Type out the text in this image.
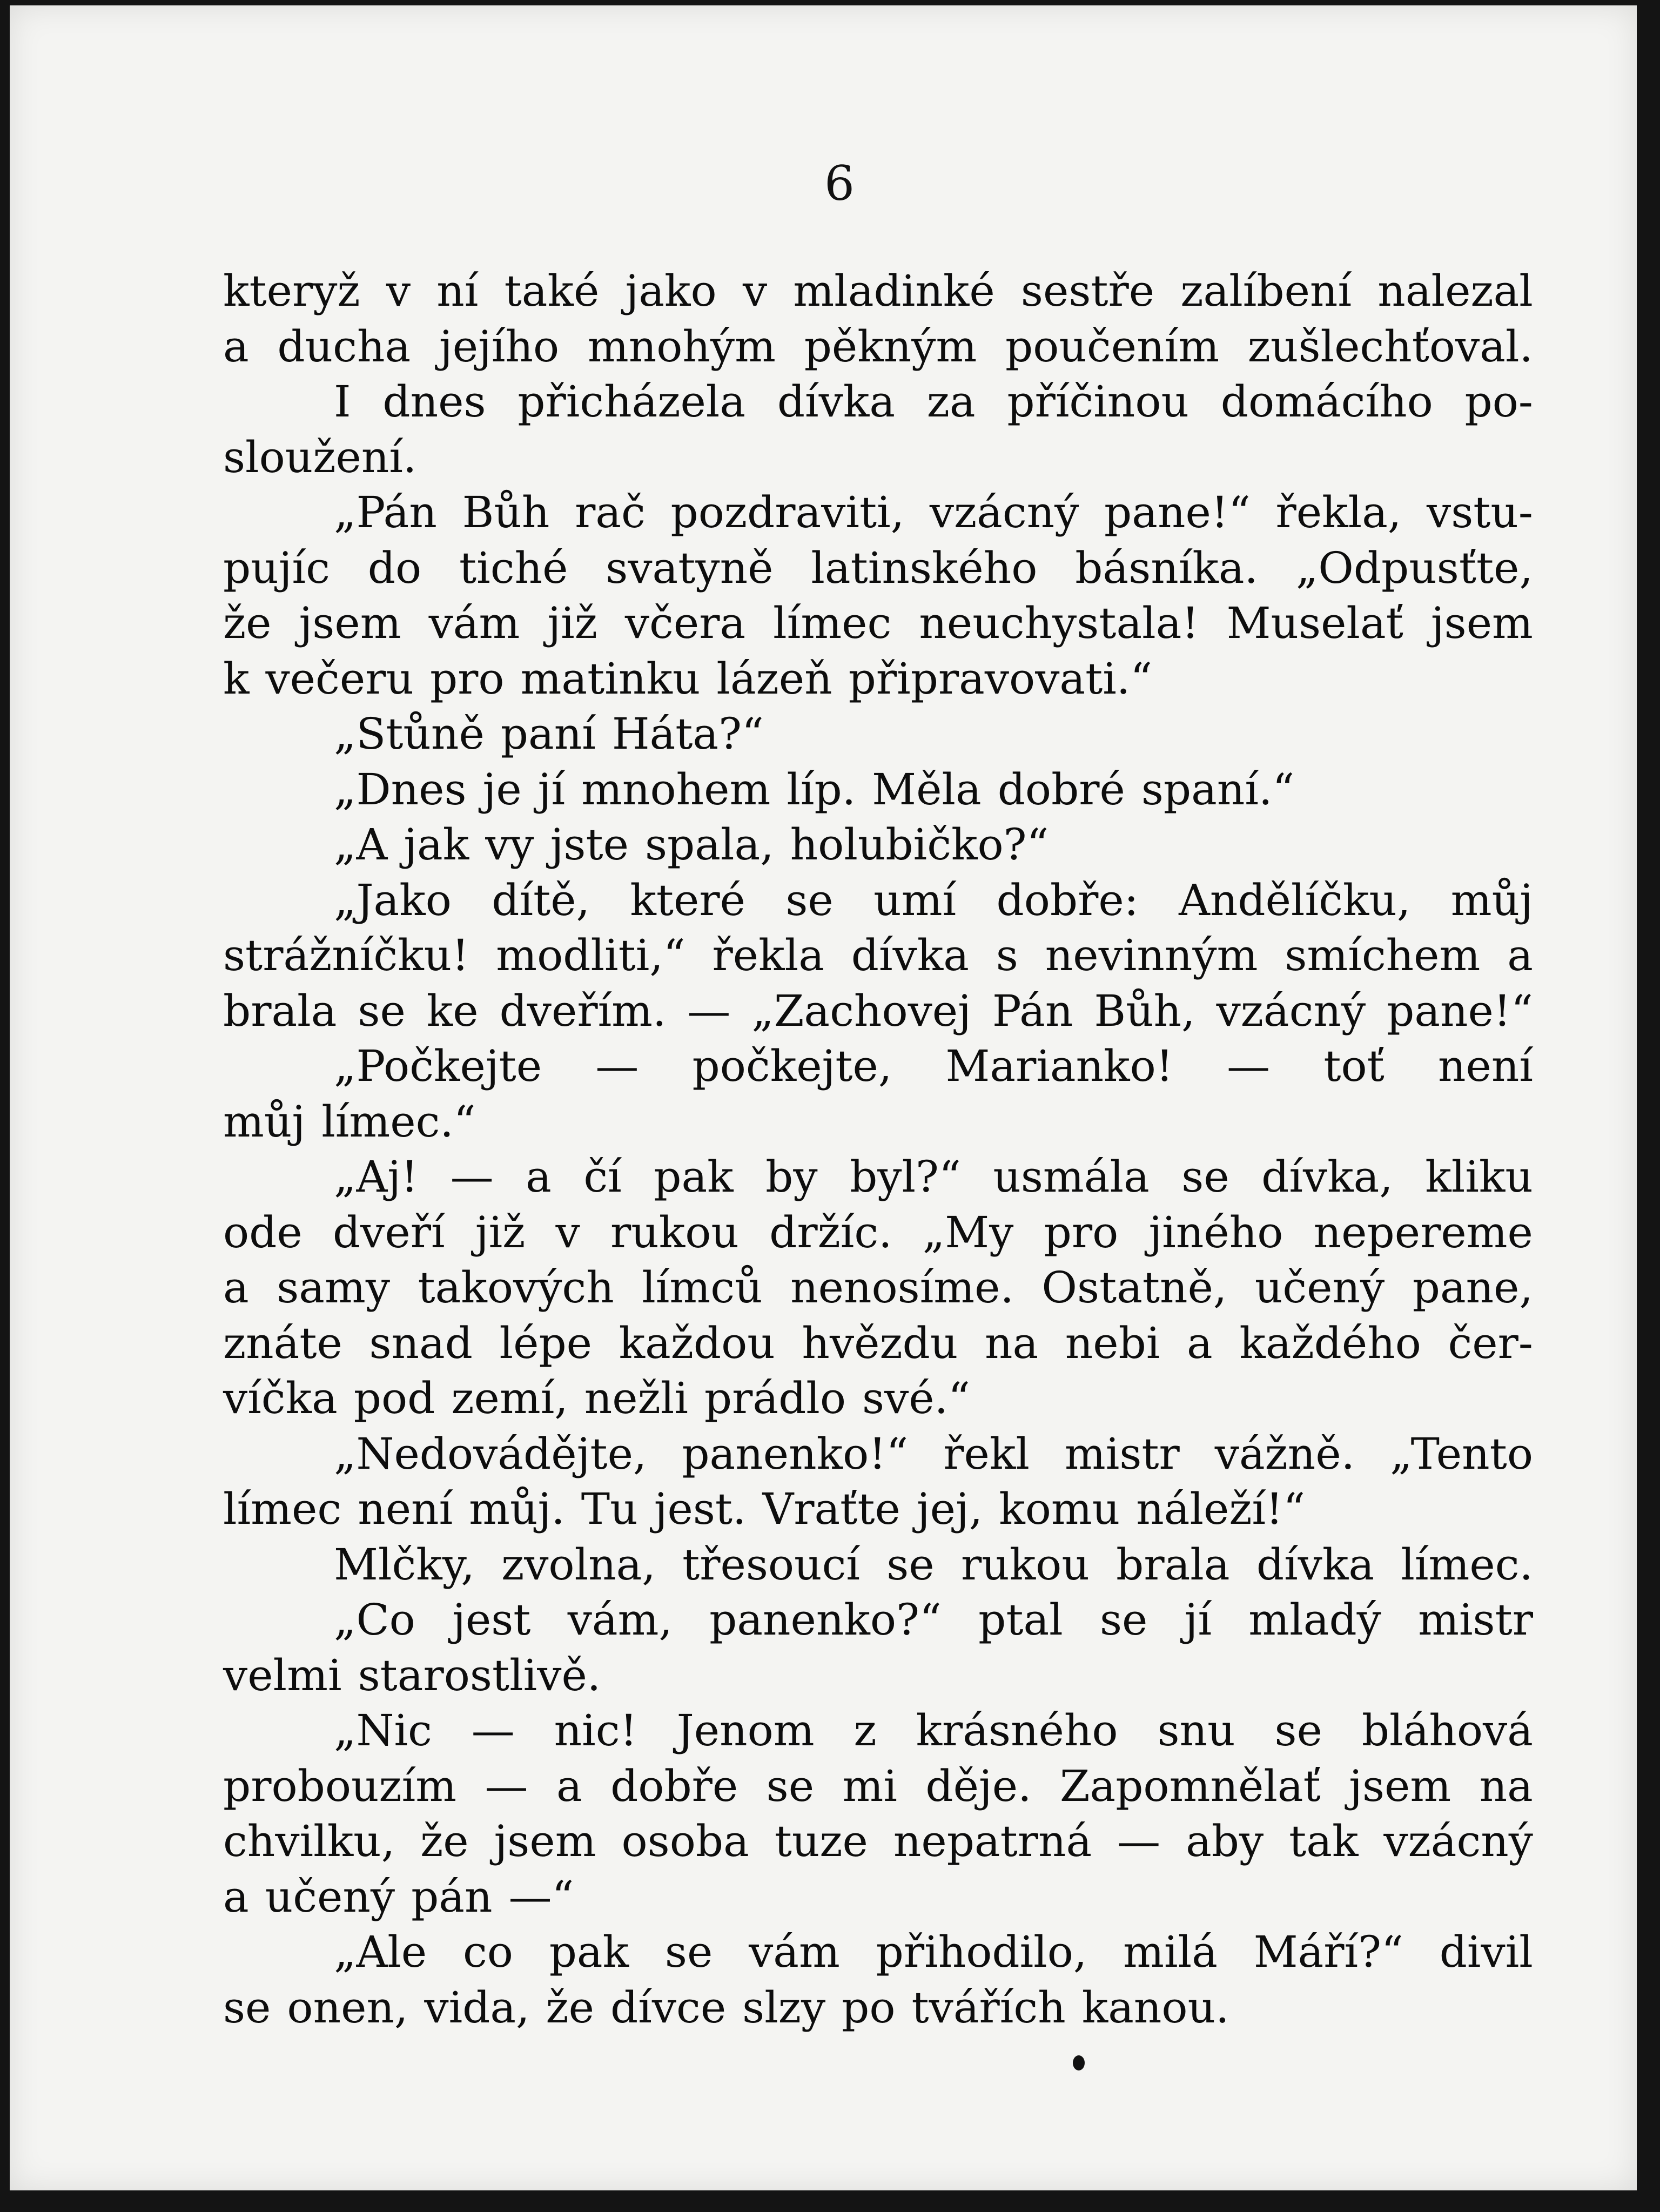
6
kteryž v ní také jako v mladinké sestře zalíbení nalezal
a ducha jejího mnohým pěkným poučením zušlechťoval.
I dnes přicházela dívka za příčinou domácího po-
sloužení.
„Pán Bůh rač pozdraviti, vzácný pane!“ řekla, vstu-
pujíc do tiché svatyně latinského básníka. „Odpusťte,
že jsem vám již včera límec neuchystala! Muselať jsem
k večeru pro matinku lázeň připravovati.“
„Stůně paní Háta?“
„Dnes je jí mnohem líp. Měla dobré spaní.“
„A jak vy jste spala, holubičko?“
„Jako dítě, které se umí dobře: Andělíčku, můj
strážníčku! modliti,“ řekla dívka s nevinným smíchem a
brala se ke dveřím. — „Zachovej Pán Bůh, vzácný pane!“
„Počkejte — počkejte, Marianko! — toť není
můj límec.“
„Aj! — a čí pak by byl?“ usmála se dívka, kliku
ode dveří již v rukou držíc. „My pro jiného nepereme
a samy takových límců nenosíme. Ostatně, učený pane,
znáte snad lépe každou hvězdu na nebi a každého čer-
víčka pod zemí, nežli prádlo své.“
„Nedovádějte, panenko!“ řekl mistr vážně. „Tento
límec není můj. Tu jest. Vraťte jej, komu náleží!“
Mlčky, zvolna, třesoucí se rukou brala dívka límec.
„Co jest vám, panenko?“ ptal se jí mladý mistr
velmi starostlivě.
„Nic — nic! Jenom z krásného snu se bláhová
probouzím — a dobře se mi děje. Zapomnělať jsem na
chvilku, že jsem osoba tuze nepatrná — aby tak vzácný
a učený pán —“
„Ale co pak se vám přihodilo, milá Máří?“ divil
se onen, vida, že dívce slzy po tvářích kanou.
